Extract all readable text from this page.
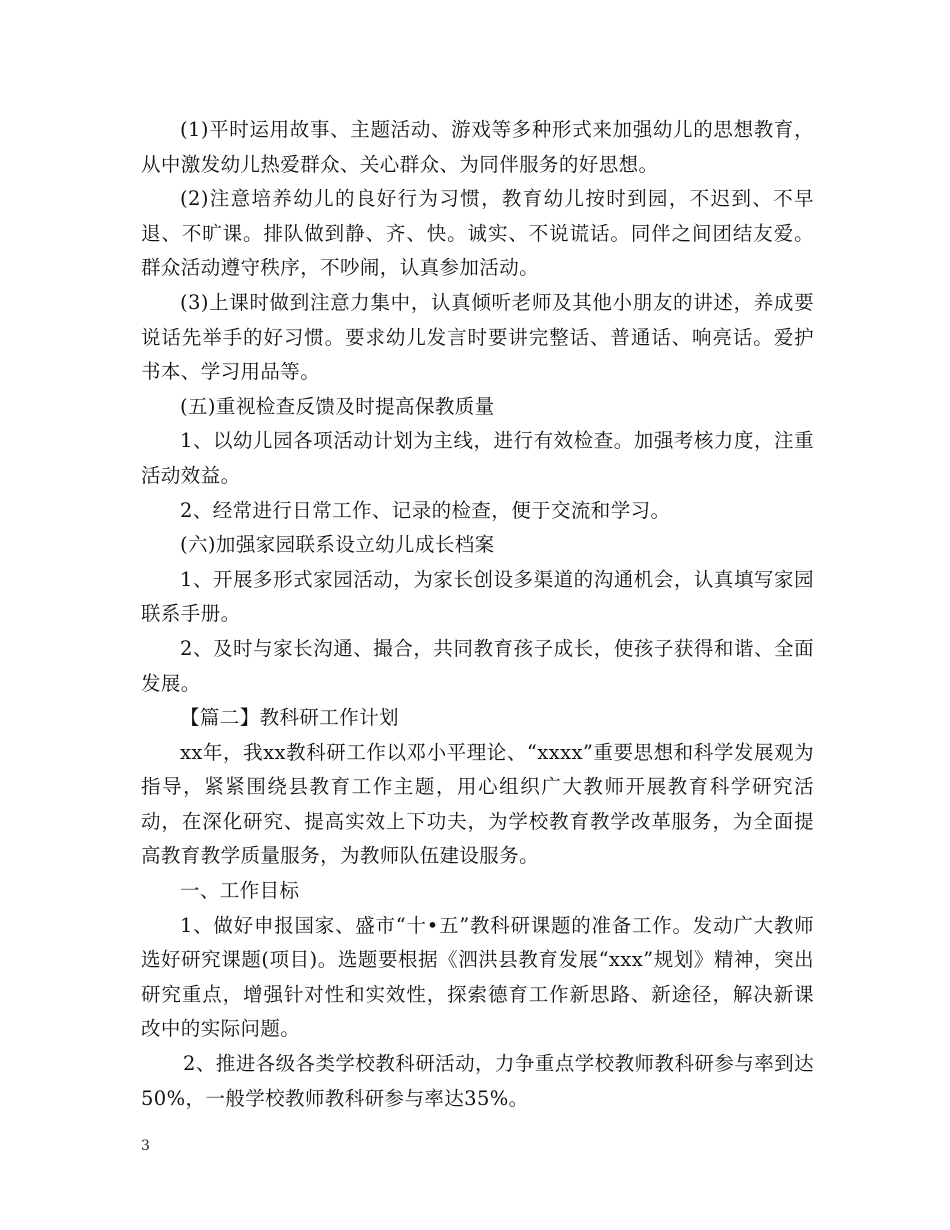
(1)平时运用故事、主题活动、游戏等多种形式来加强幼儿的思想教育，从中激发幼儿热爱群众、关心群众、为同伴服务的好思想。

(2)注意培养幼儿的良好行为习惯，教育幼儿按时到园，不迟到、不早退、不旷课。排队做到静、齐、快。诚实、不说谎话。同伴之间团结友爱。群众活动遵守秩序，不吵闹，认真参加活动。

(3)上课时做到注意力集中，认真倾听老师及其他小朋友的讲述，养成要说话先举手的好习惯。要求幼儿发言时要讲完整话、普通话、响亮话。爱护书本、学习用品等。

(五)重视检查反馈及时提高保教质量

1、以幼儿园各项活动计划为主线，进行有效检查。加强考核力度，注重活动效益。

2、经常进行日常工作、记录的检查，便于交流和学习。

(六)加强家园联系设立幼儿成长档案

1、开展多形式家园活动，为家长创设多渠道的沟通机会，认真填写家园联系手册。

2、及时与家长沟通、撮合，共同教育孩子成长，使孩子获得和谐、全面发展。

【篇二】教科研工作计划

xx年，我xx教科研工作以邓小平理论、“xxxx”重要思想和科学发展观为指导，紧紧围绕县教育工作主题，用心组织广大教师开展教育科学研究活动，在深化研究、提高实效上下功夫，为学校教育教学改革服务，为全面提高教育教学质量服务，为教师队伍建设服务。

一、工作目标

1、做好申报国家、盛市“十•五”教科研课题的准备工作。发动广大教师选好研究课题(项目)。选题要根据《泗洪县教育发展“xxx”规划》精神，突出研究重点，增强针对性和实效性，探索德育工作新思路、新途径，解决新课改中的实际问题。

2、推进各级各类学校教科研活动，力争重点学校教师教科研参与率到达50%，一般学校教师教科研参与率达35%。

3
